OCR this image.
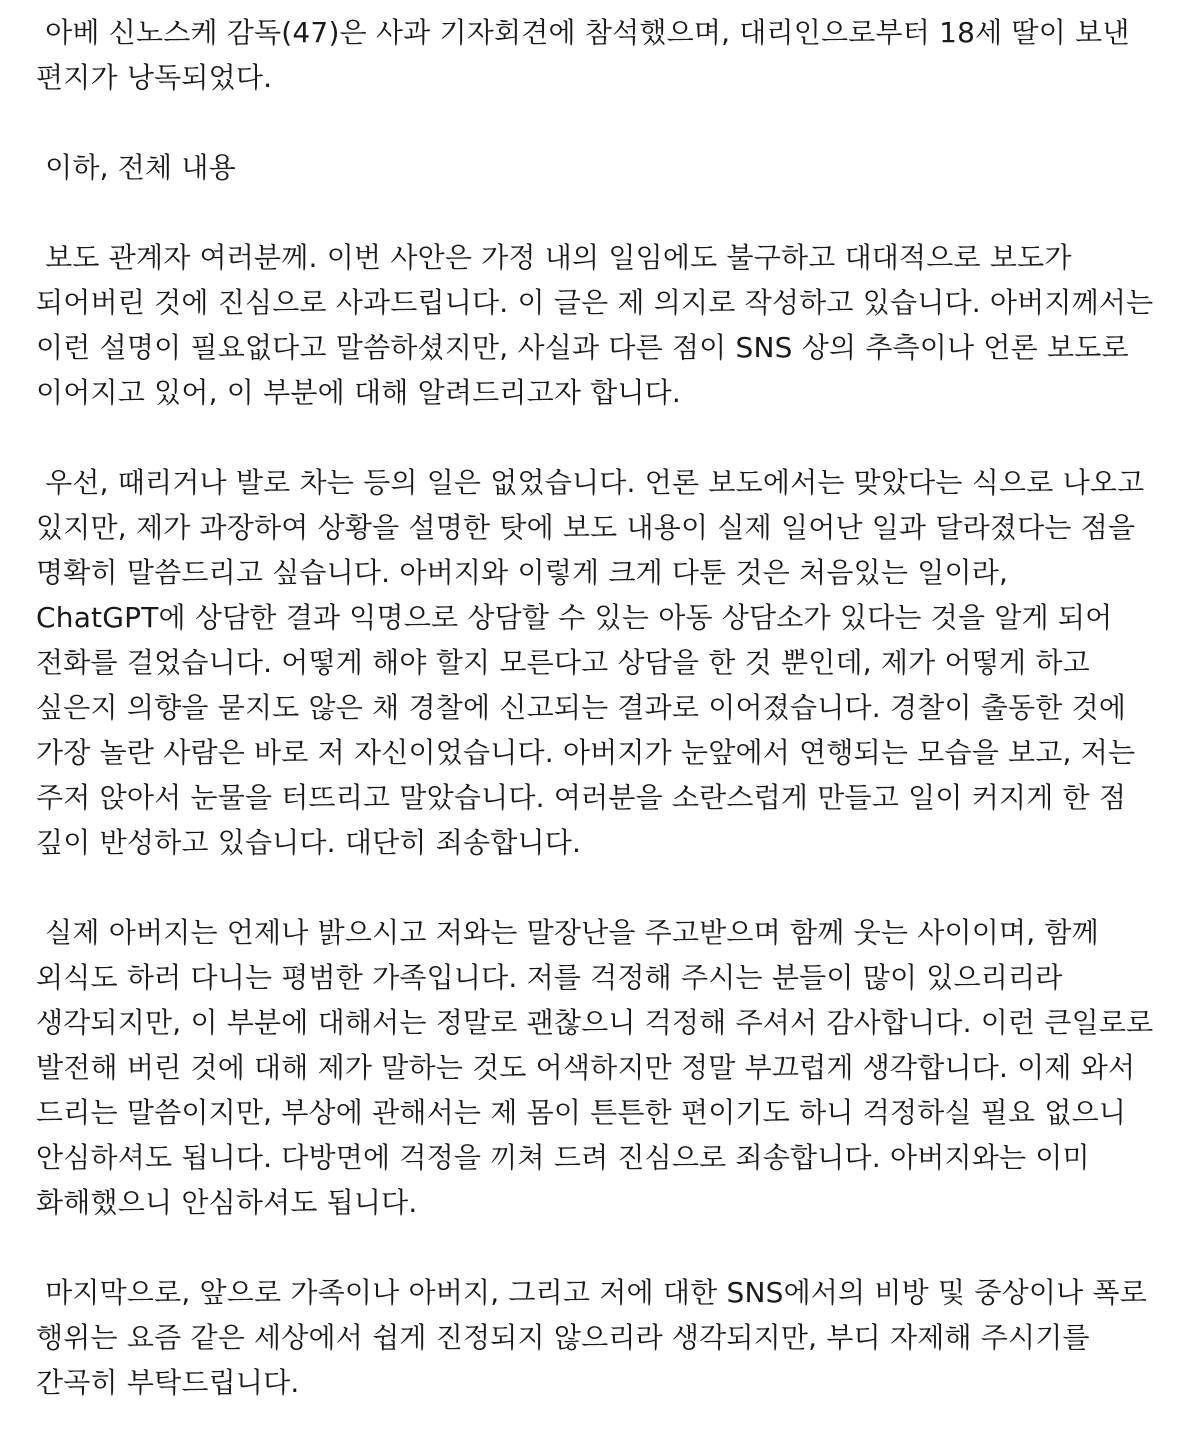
아베 신노스케 감독(47)은 사과 기자회견에 참석했으며, 대리인으로부터 18세 딸이 보낸 편지가 낭독되었다.

이하, 전체 내용

보도 관계자 여러분께. 이번 사안은 가정 내의 일임에도 불구하고 대대적으로 보도가 되어버린 것에 진심으로 사과드립니다. 이 글은 제 의지로 작성하고 있습니다. 아버지께서는 이런 설명이 필요없다고 말씀하셨지만, 사실과 다른 점이 SNS 상의 추측이나 언론 보도로 이어지고 있어, 이 부분에 대해 알려드리고자 합니다.

우선, 때리거나 발로 차는 등의 일은 없었습니다. 언론 보도에서는 맞았다는 식으로 나오고 있지만, 제가 과장하여 상황을 설명한 탓에 보도 내용이 실제 일어난 일과 달라졌다는 점을 명확히 말씀드리고 싶습니다. 아버지와 이렇게 크게 다툰 것은 처음있는 일이라, ChatGPT에 상담한 결과 익명으로 상담할 수 있는 아동 상담소가 있다는 것을 알게 되어 전화를 걸었습니다. 어떻게 해야 할지 모른다고 상담을 한 것 뿐인데, 제가 어떻게 하고 싶은지 의향을 묻지도 않은 채 경찰에 신고되는 결과로 이어졌습니다. 경찰이 출동한 것에 가장 놀란 사람은 바로 저 자신이었습니다. 아버지가 눈앞에서 연행되는 모습을 보고, 저는 주저 앉아서 눈물을 터뜨리고 말았습니다. 여러분을 소란스럽게 만들고 일이 커지게 한 점 깊이 반성하고 있습니다. 대단히 죄송합니다.

실제 아버지는 언제나 밝으시고 저와는 말장난을 주고받으며 함께 웃는 사이이며, 함께 외식도 하러 다니는 평범한 가족입니다. 저를 걱정해 주시는 분들이 많이 있으리리라 생각되지만, 이 부분에 대해서는 정말로 괜찮으니 걱정해 주셔서 감사합니다. 이런 큰일로로 발전해 버린 것에 대해 제가 말하는 것도 어색하지만 정말 부끄럽게 생각합니다. 이제 와서 드리는 말씀이지만, 부상에 관해서는 제 몸이 튼튼한 편이기도 하니 걱정하실 필요 없으니 안심하셔도 됩니다. 다방면에 걱정을 끼쳐 드려 진심으로 죄송합니다. 아버지와는 이미 화해했으니 안심하셔도 됩니다.

마지막으로, 앞으로 가족이나 아버지, 그리고 저에 대한 SNS에서의 비방 및 중상이나 폭로 행위는 요즘 같은 세상에서 쉽게 진정되지 않으리라 생각되지만, 부디 자제해 주시기를 간곡히 부탁드립니다.
